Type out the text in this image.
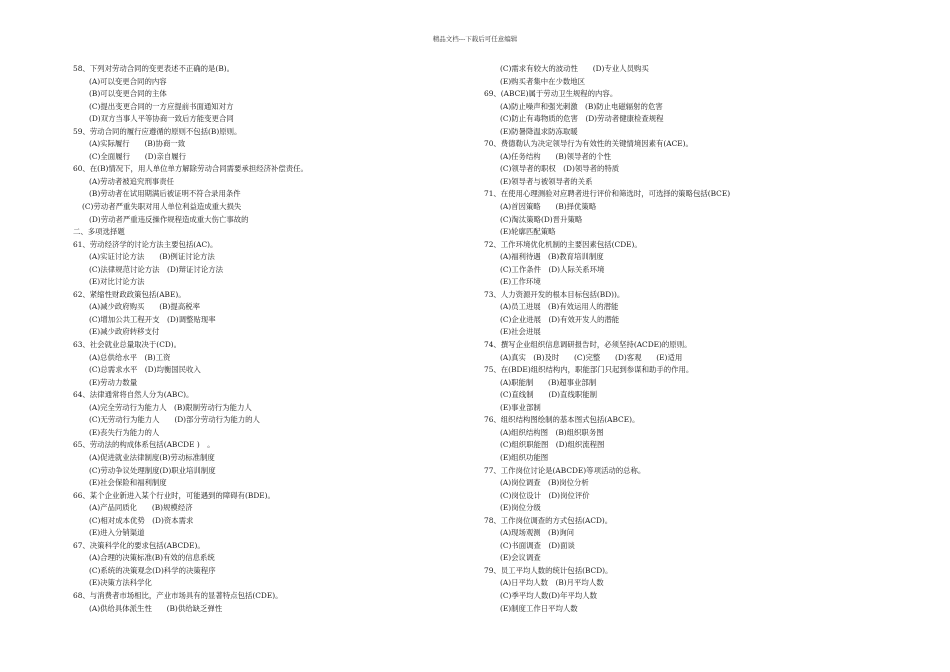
精品文档---下载后可任意编辑
58、下列对劳动合同的变更表述不正确的是(B)。
(A)可以变更合同的内容
(B)可以变更合同的主体
(C)提出变更合同的一方应提前书面通知对方
(D)双方当事人平等协商一致后方能变更合同
59、劳动合同的履行应遵循的原则不包括(B)原则。
(A)实际履行　　(B)协商一致
(C)全面履行　　(D)亲自履行
60、在(B)情况下，用人单位单方解除劳动合同需要承担经济补偿责任。
(A)劳动者被追究刑事责任
(B)劳动者在试用期满后被证明不符合录用条件
(C)劳动者严重失职对用人单位利益造成重大损失
(D)劳动者严重违反操作规程造成重大伤亡事故的
二、多项选择题
61、劳动经济学的讨论方法主要包括(AC)。
(A)实证讨论方法　　(B)例证讨论方法
(C)法律规范讨论方法　(D)辩证讨论方法
(E)对比讨论方法
62、紧缩性财政政策包括(ABE)。
(A)减少政府购买　　(B)提高税率
(C)增加公共工程开支　(D)调整贴现率
(E)减少政府转移支付
63、社会就业总量取决于(CD)。
(A)总供给水平　(B)工资
(C)总需求水平　(D)均衡国民收入
(E)劳动力数量
64、法律通常将自然人分为(ABC)。
(A)完全劳动行为能力人　(B)限制劳动行为能力人
(C)无劳动行为能力人　　(D)部分劳动行为能力的人
(E)丧失行为能力的人
65、劳动法的构成体系包括(ABCDE )　。
(A)促进就业法律制度(B)劳动标准制度
(C)劳动争议处理制度(D)职业培训制度
(E)社会保险和福利制度
66、某个企业新进入某个行业时，可能遇到的障碍有(BDE)。
(A)产品同质化　　(B)规模经济
(C)相对成本优势　(D)资本需求
(E)进入分销渠道
67、决策科学化的要求包括(ABCDE)。
(A)合理的决策标准(B)有效的信息系统
(C)系统的决策观念(D)科学的决策程序
(E)决策方法科学化
68、与消费者市场相比，产业市场具有的显著特点包括(CDE)。
(A)供给具体派生性　　(B)供给缺乏弹性
(C)需求有较大的波动性　　(D)专业人员购买
(E)购买者集中在少数地区
69、(ABCE)属于劳动卫生规程的内容。
(A)防止噪声和强光刺激　(B)防止电磁辐射的危害
(C)防止有毒物质的危害　(D)劳动者健康检查规程
(E)防暑降温求防冻取暖
70、费德勒认为决定领导行为有效性的关键情境因素有(ACE)。
(A)任务结构　　(B)领导者的个性
(C)领导者的职权　(D)领导者的特质
(E)领导者与被领导者的关系
71、在使用心理测验对应聘者进行评价和筛选时，可选择的策略包括(BCE)
(A)首因策略　　(B)择优策略
(C)淘汰策略(D)晋升策略
(E)轮廓匹配策略
72、工作环境优化机制的主要因素包括(CDE)。
(A)福利待遇　(B)教育培训制度
(C)工作条件　(D)人际关系环境
(E)工作环境
73、人力资源开发的根本目标包括(BD))。
(A)员工进展　(B)有效运用人的潜能
(C)企业进展　(D)有效开发人的潜能
(E)社会进展
74、撰写企业组织信息调研报告时，必须坚持(ACDE)的原则。
(A)真实　(B)及时　　(C)完整　　(D)客观　　(E)适用
75、在(BDE)组织结构内，职能部门只起到参谋和助手的作用。
(A)职能制　　(B)超事业部制
(C)直线制　　(D)直线职能制
(E)事业部制
76、组织结构图绘制的基本图式包括(ABCE)。
(A)组织结构图　(B)组织职务图
(C)组织职能图　(D)组织流程图
(E)组织功能图
77、工作岗位讨论是(ABCDE)等项活动的总称。
(A)岗位调查　(B)岗位分析
(C)岗位设计　(D)岗位评价
(E)岗位分级
78、工作岗位调查的方式包括(ACD)。
(A)现场观测　(B)询问
(C)书面调查　(D)面谈
(E)会议调查
79、员工平均人数的统计包括(BCD)。
(A)日平均人数　(B)月平均人数
(C)季平均人数(D)年平均人数
(E)制度工作日平均人数
